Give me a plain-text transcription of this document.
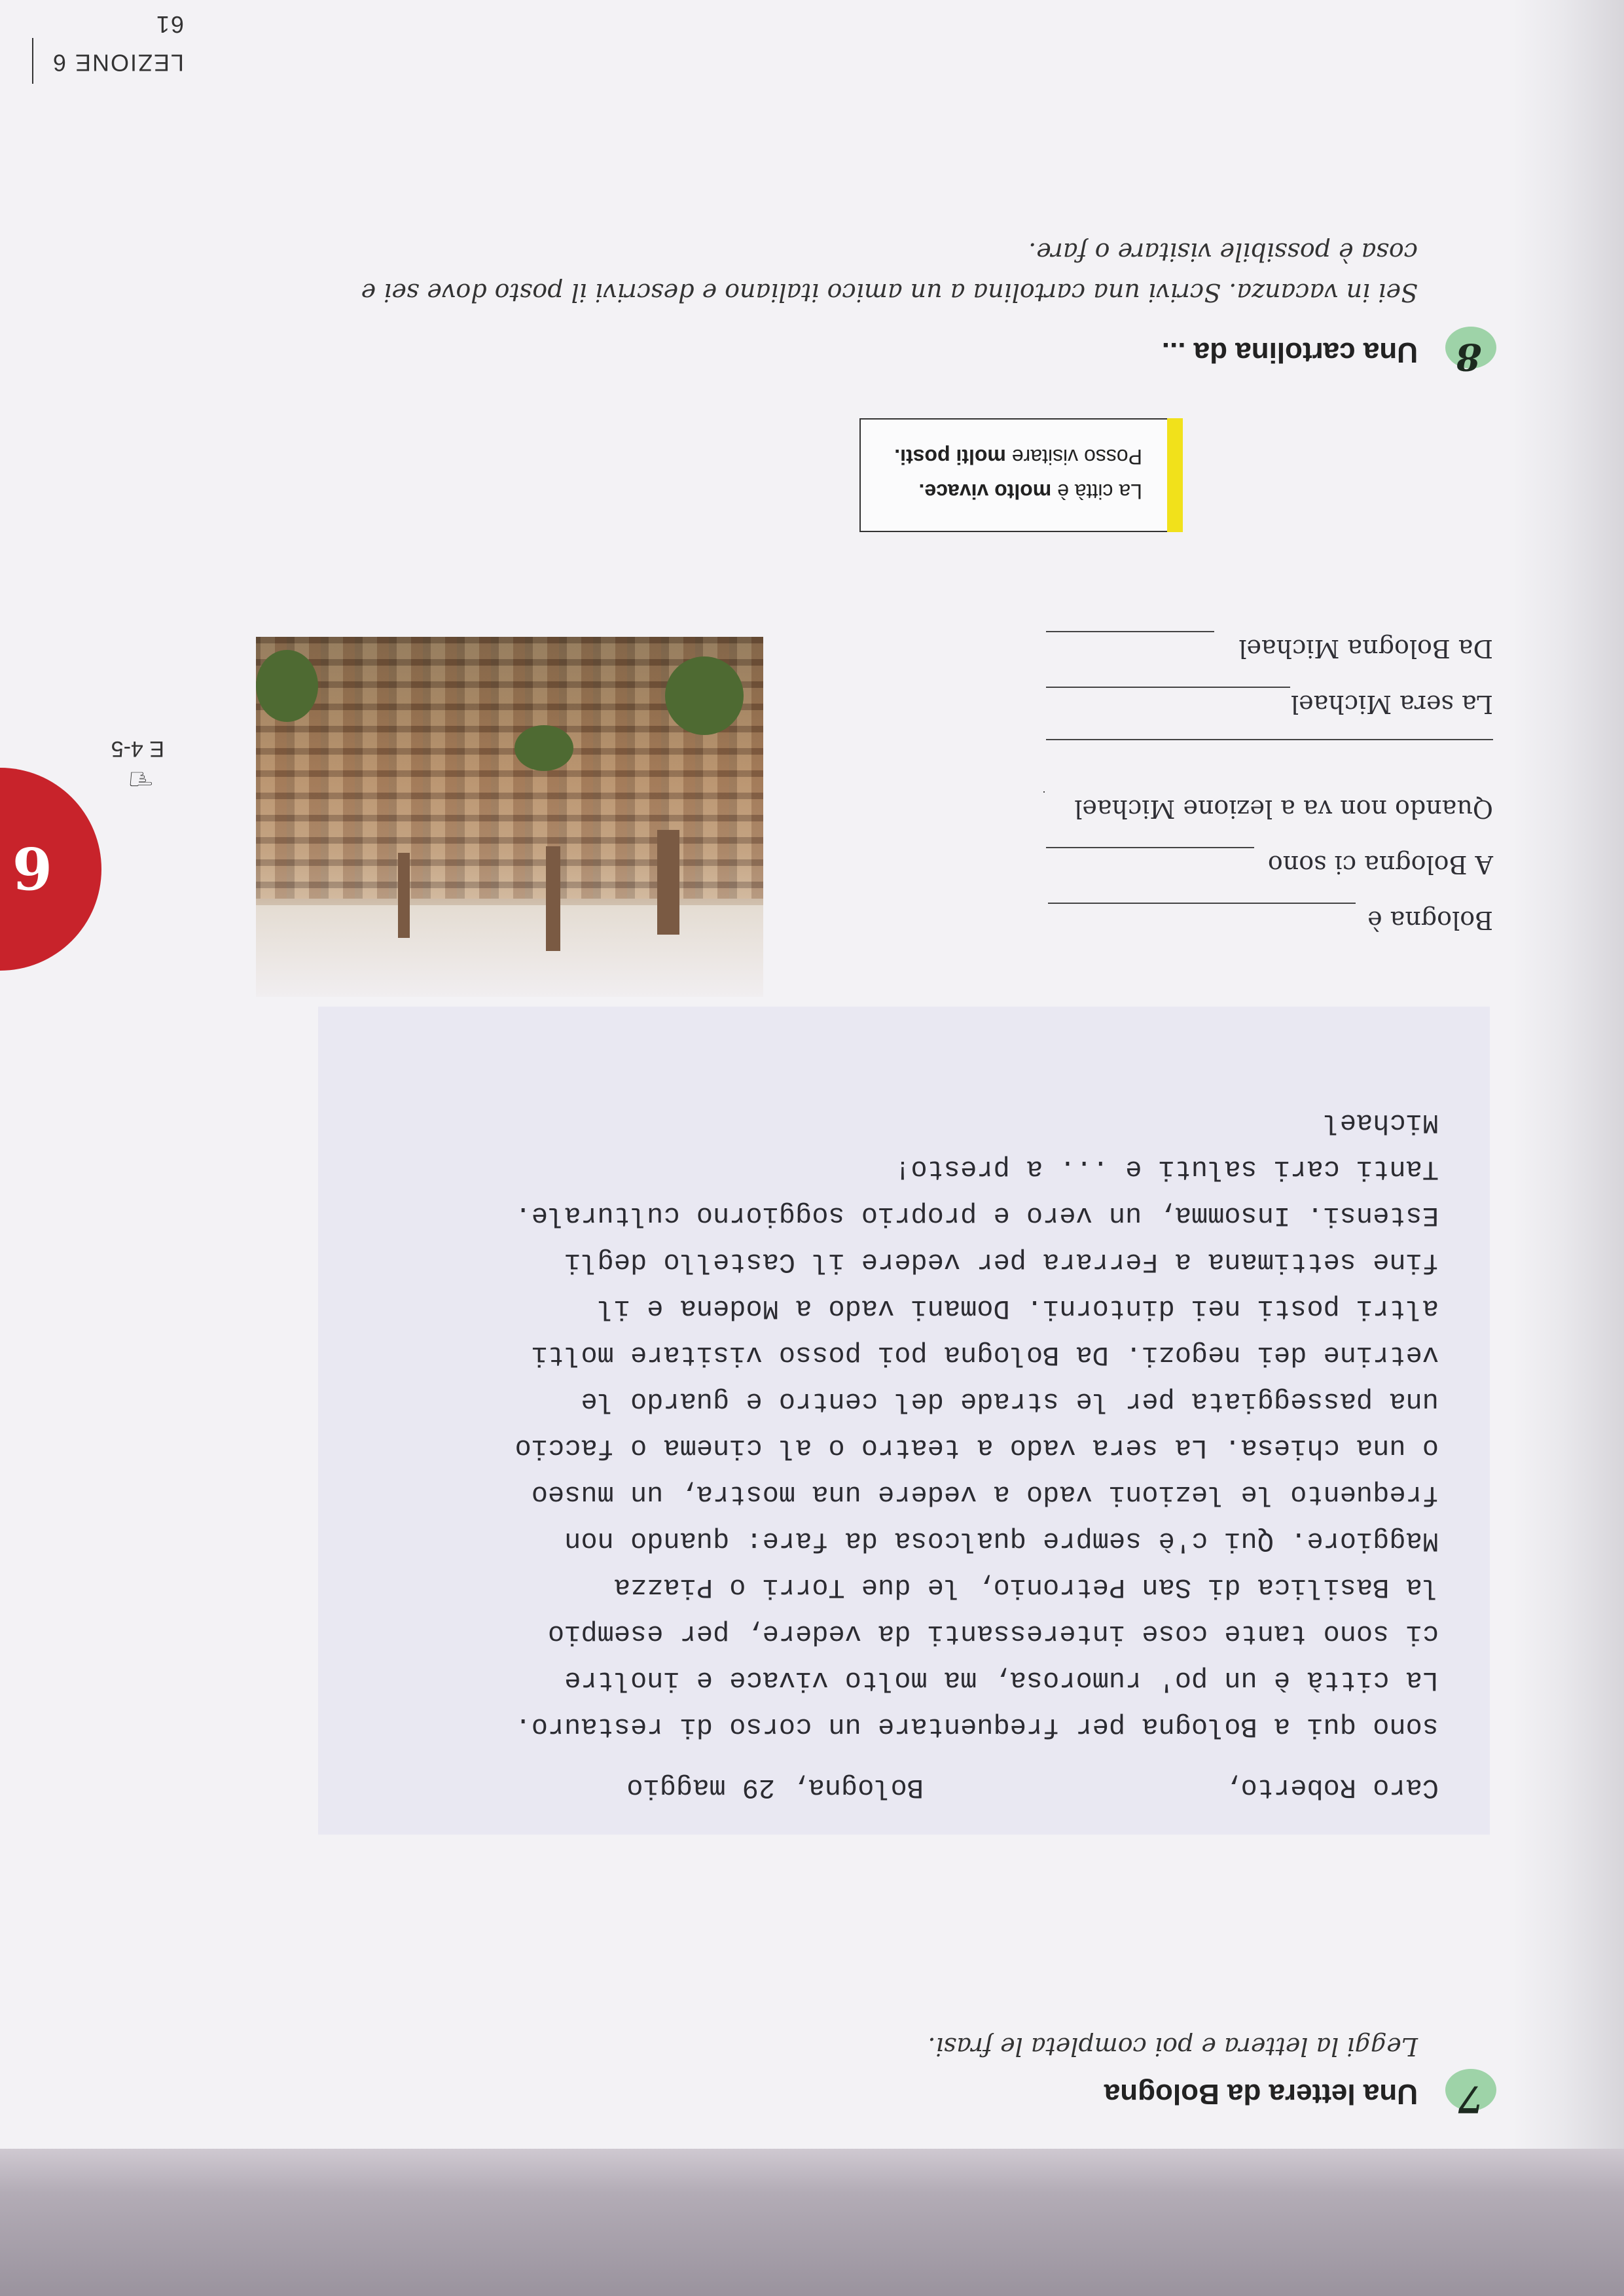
7
Una lettera da Bologna
Leggi la lettera e poi completa le frasi.
Caro Roberto,
Bologna, 29 maggio
sono qui a Bologna per frequentare un corso di restauro.
La città è un po' rumorosa, ma molto vivace e inoltre
ci sono tante cose interessanti da vedere, per esempio
la Basilica di San Petronio, le due Torri o Piazza
Maggiore. Qui c'è sempre qualcosa da fare: quando non
frequento le lezioni vado a vedere una mostra, un museo
o una chiesa. La sera vado a teatro o al cinema o faccio
una passeggiata per le strade del centro e guardo le
vetrine dei negozi. Da Bologna poi posso visitare molti
altri posti nei dintorni. Domani vado a Modena e il
fine settimana a Ferrara per vedere il Castello degli
Estensi. Insomma, un vero e proprio soggiorno culturale.
Tanti cari saluti e ... a presto!
Michael
Bologna è
A Bologna ci sono
Quando non va a lezione Michael
La sera Michael
Da Bologna Michael
La città è molto vivace.
Posso visitare molti posti.
8
Una cartolina da ...
Sei in vacanza. Scrivi una cartolina a un amico italiano e descrivi il posto dove sei e
cosa è possibile visitare o fare.
6
☜
E 4-5
LEZIONE 661
